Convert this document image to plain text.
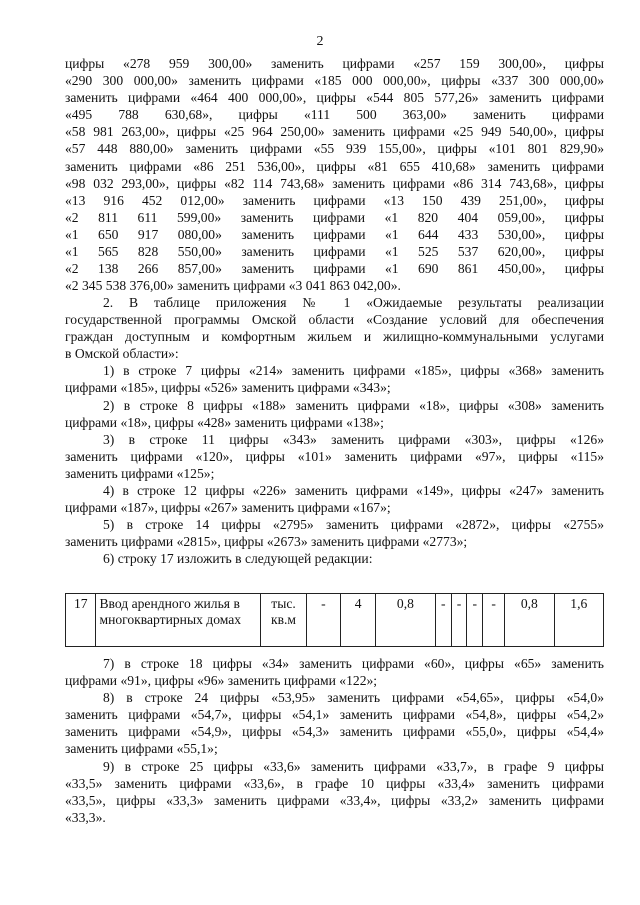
2
цифры «278 959 300,00» заменить цифрами «257 159 300,00», цифры
«290 300 000,00» заменить цифрами «185 000 000,00», цифры «337 300 000,00»
заменить цифрами «464 400 000,00», цифры «544 805 577,26» заменить цифрами
«495 788 630,68», цифры «111 500 363,00» заменить цифрами
«58 981 263,00», цифры «25 964 250,00» заменить цифрами «25 949 540,00», цифры
«57 448 880,00» заменить цифрами «55 939 155,00», цифры «101 801 829,90»
заменить цифрами «86 251 536,00», цифры «81 655 410,68» заменить цифрами
«98 032 293,00», цифры «82 114 743,68» заменить цифрами «86 314 743,68», цифры
«13 916 452 012,00» заменить цифрами «13 150 439 251,00», цифры
«2 811 611 599,00» заменить цифрами «1 820 404 059,00», цифры
«1 650 917 080,00» заменить цифрами «1 644 433 530,00», цифры
«1 565 828 550,00» заменить цифрами «1 525 537 620,00», цифры
«2 138 266 857,00» заменить цифрами «1 690 861 450,00», цифры
«2 345 538 376,00» заменить цифрами «3 041 863 042,00».
2. В таблице приложения № 1 «Ожидаемые результаты реализации
государственной программы Омской области «Создание условий для обеспечения
граждан доступным и комфортным жильем и жилищно-коммунальными услугами
в Омской области»:
1) в строке 7 цифры «214» заменить цифрами «185», цифры «368» заменить
цифрами «185», цифры «526» заменить цифрами «343»;
2) в строке 8 цифры «188» заменить цифрами «18», цифры «308» заменить
цифрами «18», цифры «428» заменить цифрами «138»;
3) в строке 11 цифры «343» заменить цифрами «303», цифры «126»
заменить цифрами «120», цифры «101» заменить цифрами «97», цифры «115»
заменить цифрами «125»;
4) в строке 12 цифры «226» заменить цифрами «149», цифры «247» заменить
цифрами «187», цифры «267» заменить цифрами «167»;
5) в строке 14 цифры «2795» заменить цифрами «2872», цифры «2755»
заменить цифрами «2815», цифры «2673» заменить цифрами «2773»;
6) строку 17 изложить в следующей редакции:
17	Ввод арендного жилья в многоквартирных домах	тыс. кв.м	-	4	0,8	-	-	-	-	0,8	1,6
7) в строке 18 цифры «34» заменить цифрами «60», цифры «65» заменить
цифрами «91», цифры «96» заменить цифрами «122»;
8) в строке 24 цифры «53,95» заменить цифрами «54,65», цифры «54,0»
заменить цифрами «54,7», цифры «54,1» заменить цифрами «54,8», цифры «54,2»
заменить цифрами «54,9», цифры «54,3» заменить цифрами «55,0», цифры «54,4»
заменить цифрами «55,1»;
9) в строке 25 цифры «33,6» заменить цифрами «33,7», в графе 9 цифры
«33,5» заменить цифрами «33,6», в графе 10 цифры «33,4» заменить цифрами
«33,5», цифры «33,3» заменить цифрами «33,4», цифры «33,2» заменить цифрами
«33,3».
